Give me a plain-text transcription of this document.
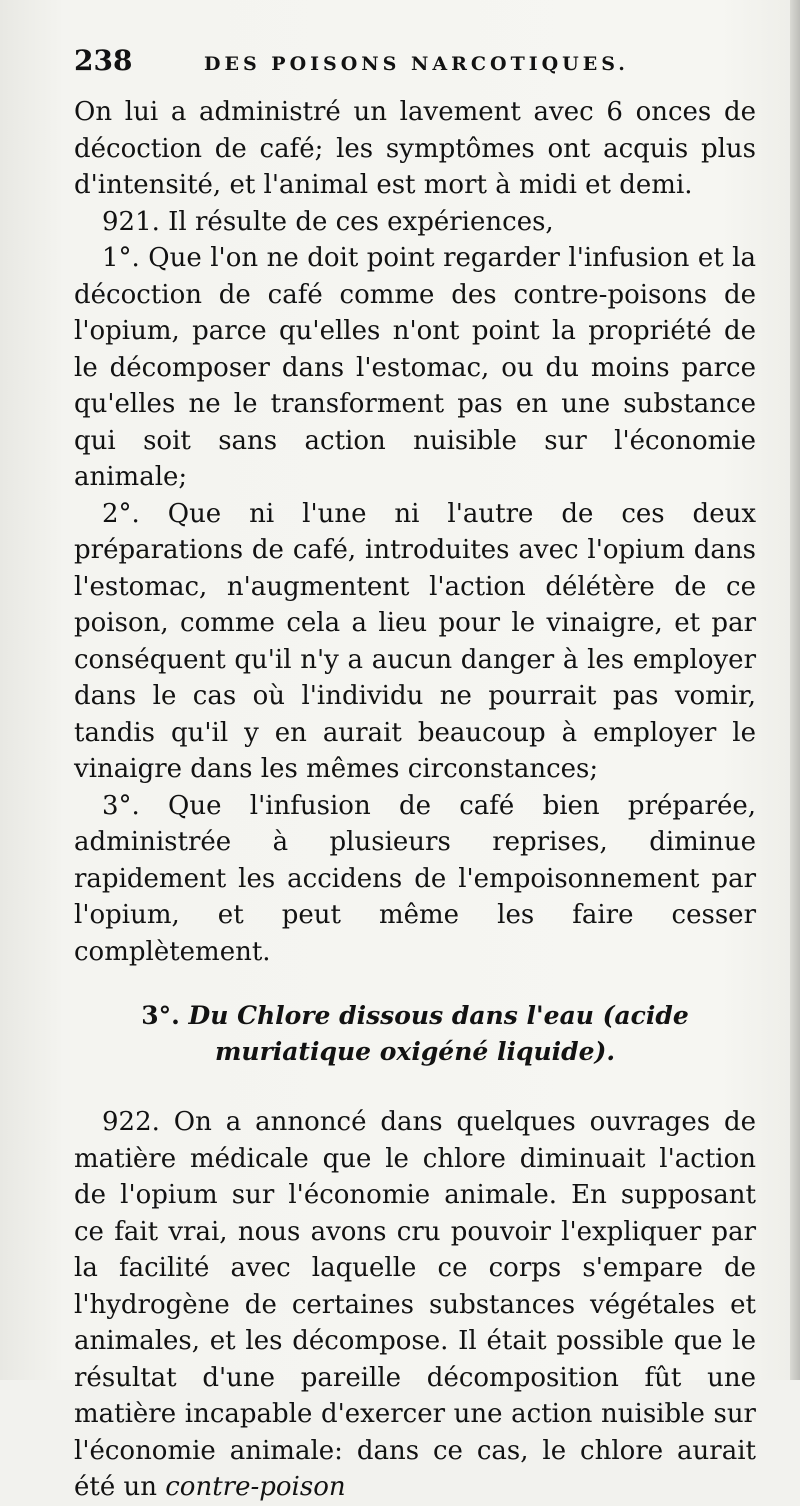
238	DES POISONS NARCOTIQUES.

On lui a administré un lavement avec 6 onces de décoction de café; les symptômes ont acquis plus d'intensité, et l'animal est mort à midi et demi.

921. Il résulte de ces expériences,

1°. Que l'on ne doit point regarder l'infusion et la décoction de café comme des contre-poisons de l'opium, parce qu'elles n'ont point la propriété de le décomposer dans l'estomac, ou du moins parce qu'elles ne le transforment pas en une substance qui soit sans action nuisible sur l'économie animale;

2°. Que ni l'une ni l'autre de ces deux préparations de café, introduites avec l'opium dans l'estomac, n'augmentent l'action délétère de ce poison, comme cela a lieu pour le vinaigre, et par conséquent qu'il n'y a aucun danger à les employer dans le cas où l'individu ne pourrait pas vomir, tandis qu'il y en aurait beaucoup à employer le vinaigre dans les mêmes circonstances;

3°. Que l'infusion de café bien préparée, administrée à plusieurs reprises, diminue rapidement les accidens de l'empoisonnement par l'opium, et peut même les faire cesser complètement.

3°. Du Chlore dissous dans l'eau (acide muriatique oxigéné liquide).

922. On a annoncé dans quelques ouvrages de matière médicale que le chlore diminuait l'action de l'opium sur l'économie animale. En supposant ce fait vrai, nous avons cru pouvoir l'expliquer par la facilité avec laquelle ce corps s'empare de l'hydrogène de certaines substances végétales et animales, et les décompose. Il était possible que le résultat d'une pareille décomposition fût une matière incapable d'exercer une action nuisible sur l'économie animale: dans ce cas, le chlore aurait été un contre-poison
